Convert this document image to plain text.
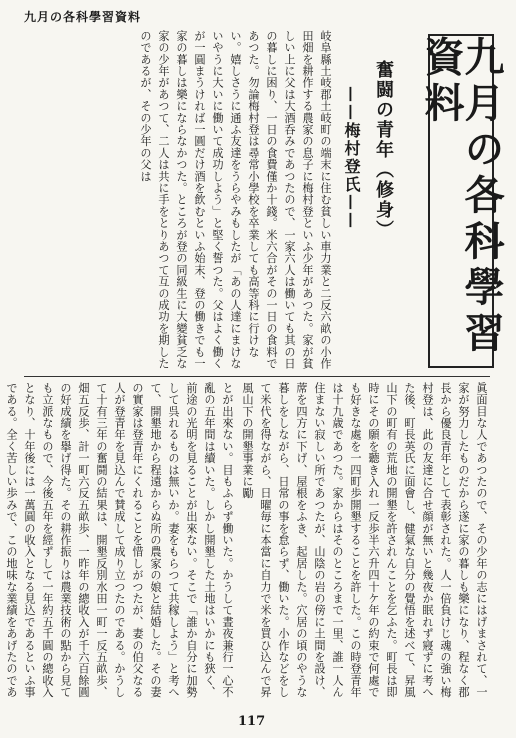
九月の各科學習資料
九月の各科學習資料
奮闘の青年（修身）
——梅村登氏——
岐阜縣土岐郡土岐町の端末に住む貧しい車力業と二反六畝の小作田畑を耕作する農家の息子に梅村登といふ少年があつた。家が貧しい上に父は大酒呑みであつたので、一家六人は働いても其の日の暮しに困り、一日の食費僅か十錢。米六合がその一日の食料であつた。勿論梅村登は尋常小學校を卒業しても高等科に行けない。嬉しさうに通ふ友達をうらやみもしたが「あの人達にまけないやうに大いに働いて成功しよう」と堅く誓つた。父はよく働くが一圓まうければ一圓だけ酒を飲むといふ始末、登の働きでも一家の暮しは樂にならなかつた。ところが登の同級生に大變貧乏な家の少年があつて、二人は共に手をとりあつて互の成功を期したのであるが、その少年の父は
眞面目な人であつたので、その少年の志にはげまされて、一家が努力したものだから遂に家の暮しも樂になり、程なく郡長から優良青年として表彰された。人一倍負けじ魂の強い梅村登は、此の友達に合せ顔が無いと幾夜か眠れず寢ずに考へた後、町長英氏に面會し、健氣な自分の覺悟を述べて、昇風山下の町有の荒地の開墾を許されんことを乞ふた。町長は即時にその願を聽き入れ一反歩半六升四十ケ年の約束で何處でも好きな處を一四町歩開墾することを許した。この時登青年は十九歳であつた。家からはそのところまで一里、誰一人ん住まない寂しい所であつたが、山陰の岩の傍に土間を設け、蓆を四方に下げ、屋根をふき、起居した。穴居の頃のやうな暮しをしながら、日常の事を怠らず、働いた。小作などをして米代を得ながら、日曜毎に本當に自力で米を買ひ込んで昇風山下の開墾事業に勵
とが出來ない。目もふらず働いた。かうして晝夜兼行一心不亂の五年間は續いた。しかし開墾した土地はいかにも狹く、前途の光明を見ることが出來ない。そこで「誰か自分に加勢して呉れるものは無いか。妻をもらつて共稼しよう」と考へて、開墾地から程遠からぬ所の農家の娘と結婚した。その妻の實家は登青年にくれることを惜しがつたが、妻の伯父なる人が登青年を見込んで賛成して成り立つたのである。かうして十有三年の奮鬪の結果は、開墾反別水田一町一反五畝歩、畑五反歩、計一町六反五畝歩、一昨年の總收入が千六百餘圓の好成績を擧げ得た。その耕作振りは農業技術の點から見ても立派なもので、今後五年を經ずして一年約五千圓の總收入となり、十年後には一萬圓の收入となる見込であるといふ事である。全く苦しい歩みで、この地味な業績をあげたのであ
117
